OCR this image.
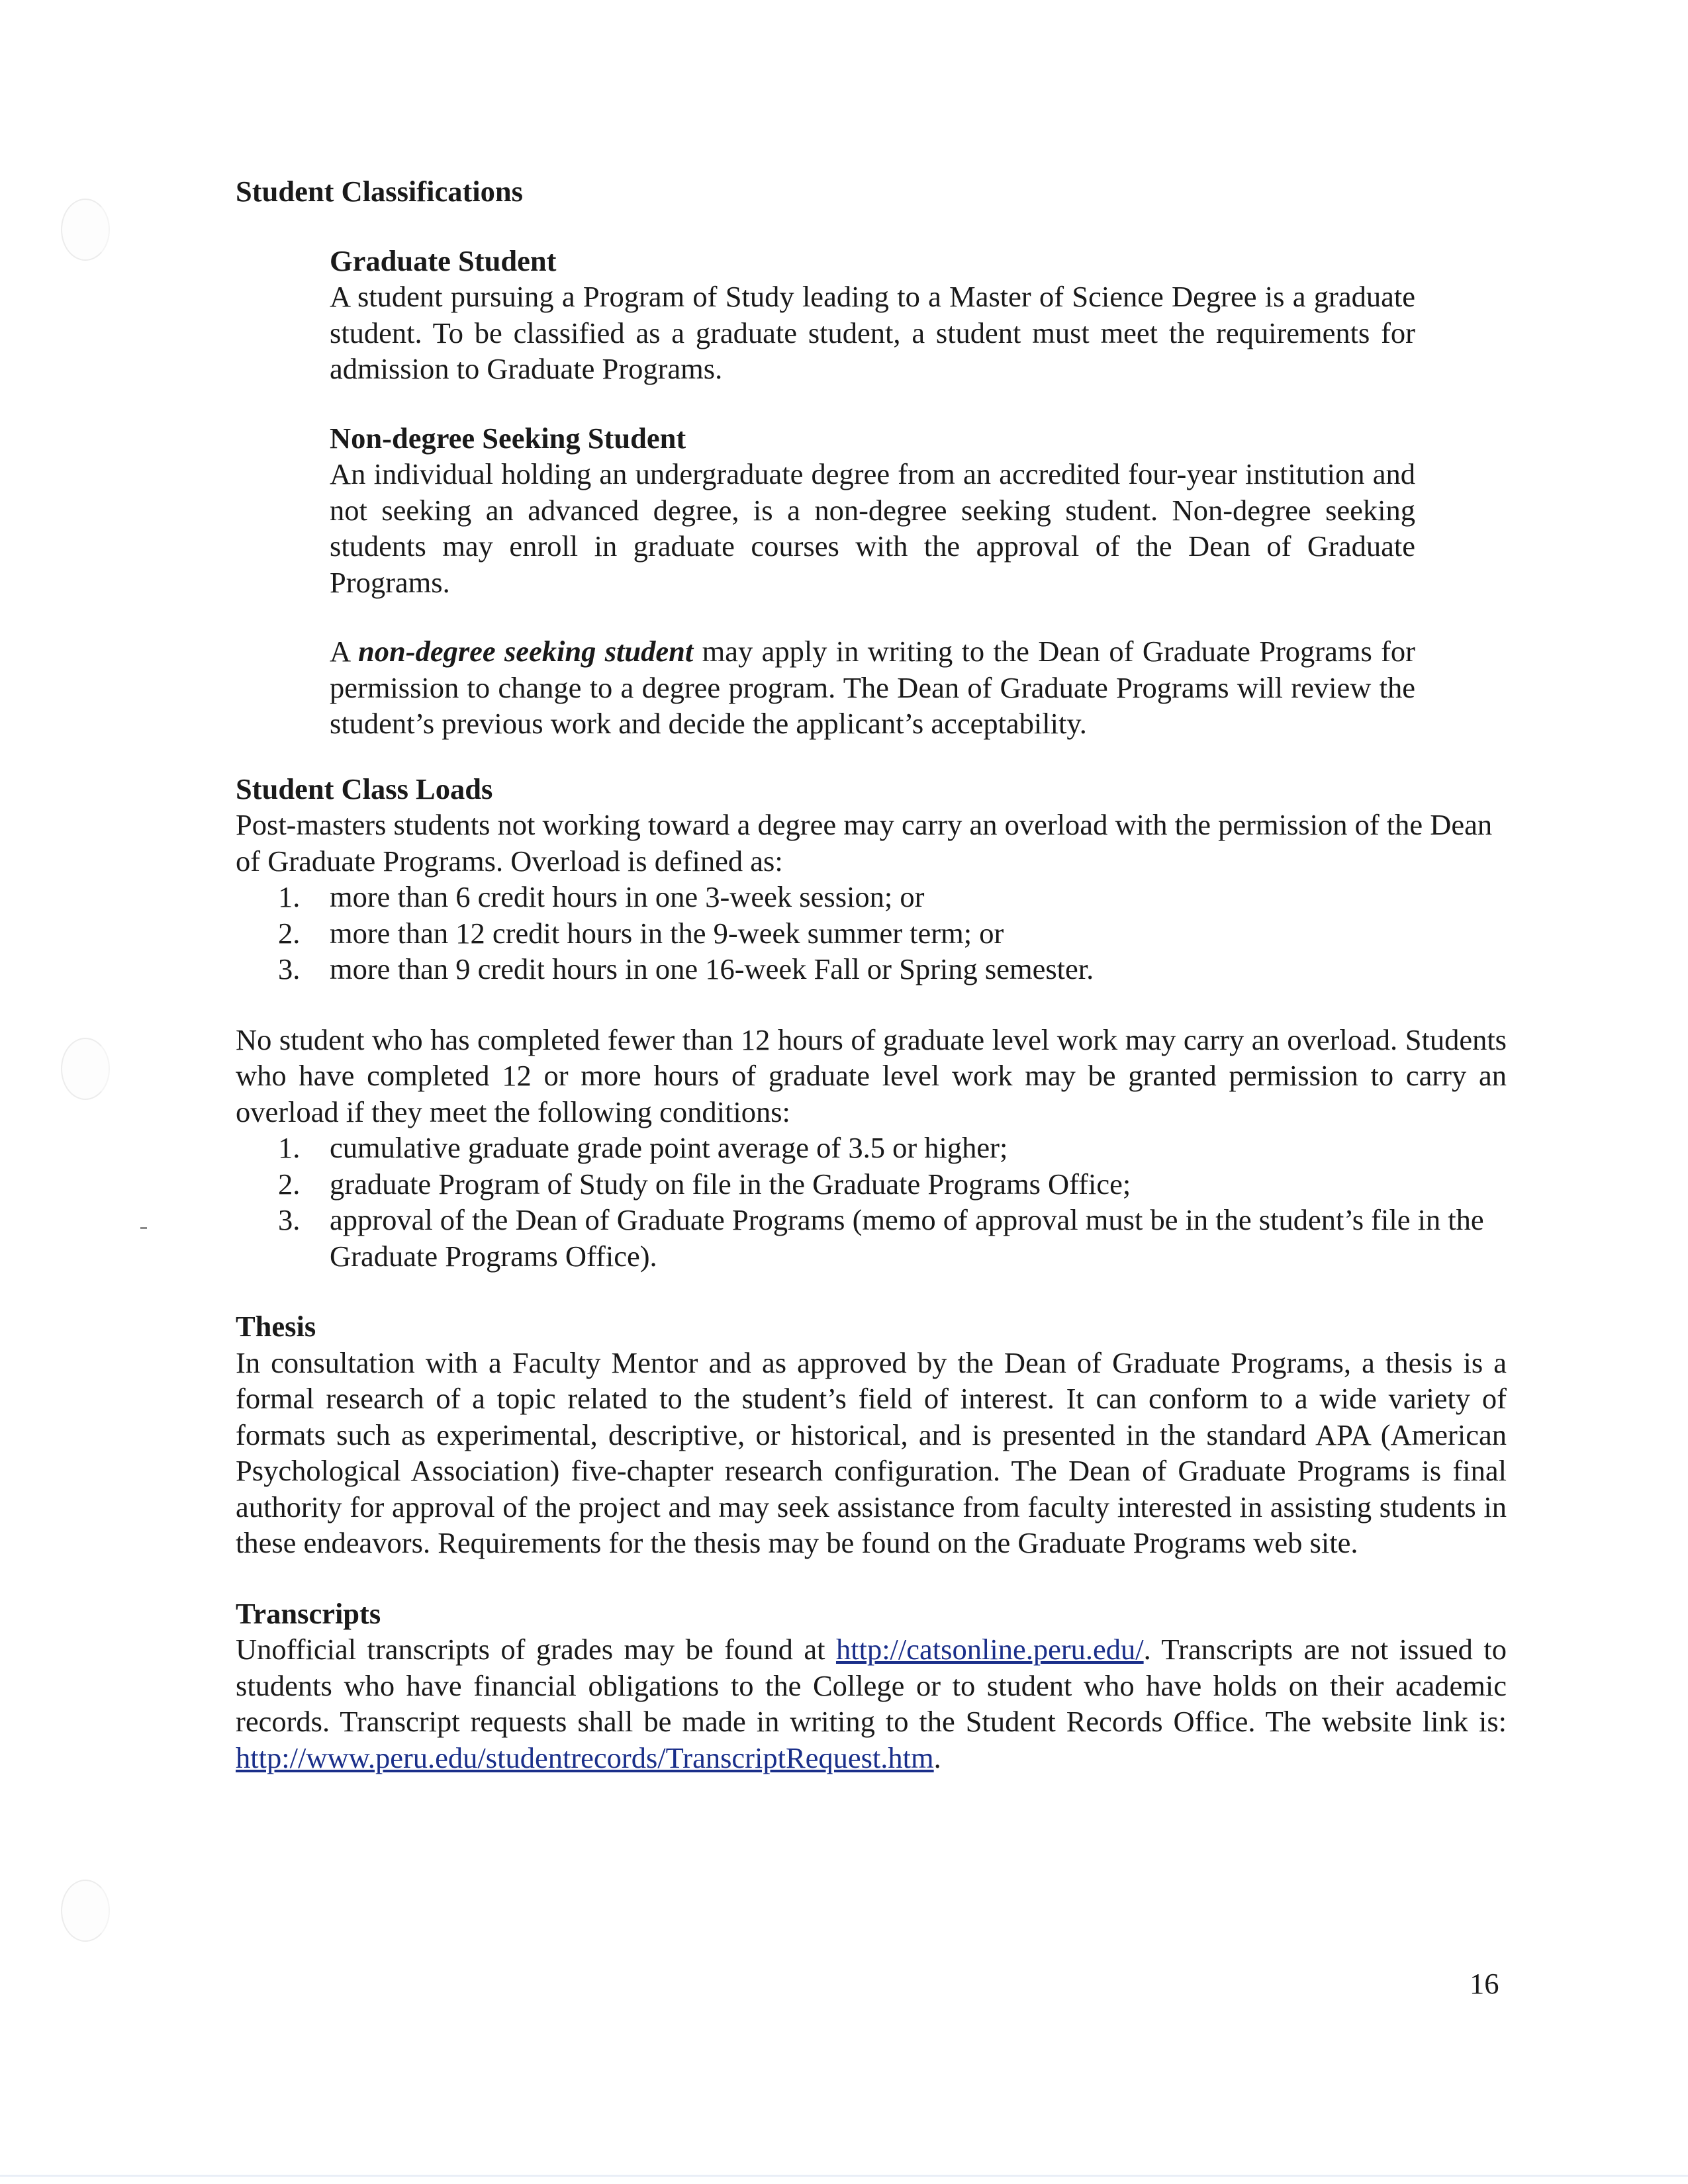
Student Classifications
Graduate Student

A student pursuing a Program of Study leading to a Master of Science Degree is a graduate student. To be classified as a graduate student, a student must meet the requirements for admission to Graduate Programs.

Non-degree Seeking Student

An individual holding an undergraduate degree from an accredited four-year institution and not seeking an advanced degree, is a non-degree seeking student. Non-degree seeking students may enroll in graduate courses with the approval of the Dean of Graduate Programs.

A non-degree seeking student may apply in writing to the Dean of Graduate Programs for permission to change to a degree program. The Dean of Graduate Programs will review the student’s previous work and decide the applicant’s acceptability.

Student Class Loads

Post-masters students not working toward a degree may carry an overload with the permission of the Dean of Graduate Programs. Overload is defined as:

1.	more than 6 credit hours in one 3-week session; or
2.	more than 12 credit hours in the 9-week summer term; or
3.	more than 9 credit hours in one 16-week Fall or Spring semester.

No student who has completed fewer than 12 hours of graduate level work may carry an overload. Students who have completed 12 or more hours of graduate level work may be granted permission to carry an overload if they meet the following conditions:

1.	cumulative graduate grade point average of 3.5 or higher;
2.	graduate Program of Study on file in the Graduate Programs Office;
3.	approval of the Dean of Graduate Programs (memo of approval must be in the student’s file in the Graduate Programs Office).
Thesis

In consultation with a Faculty Mentor and as approved by the Dean of Graduate Programs, a thesis is a formal research of a topic related to the student’s field of interest. It can conform to a wide variety of formats such as experimental, descriptive, or historical, and is presented in the standard APA (American Psychological Association) five-chapter research configuration. The Dean of Graduate Programs is final authority for approval of the project and may seek assistance from faculty interested in assisting students in these endeavors. Requirements for the thesis may be found on the Graduate Programs web site.

Transcripts

Unofficial transcripts of grades may be found at http://catsonline.peru.edu/. Transcripts are not issued to students who have financial obligations to the College or to student who have holds on their academic records. Transcript requests shall be made in writing to the Student Records Office. The website link is: http://www.peru.edu/studentrecords/TranscriptRequest.htm.

16
